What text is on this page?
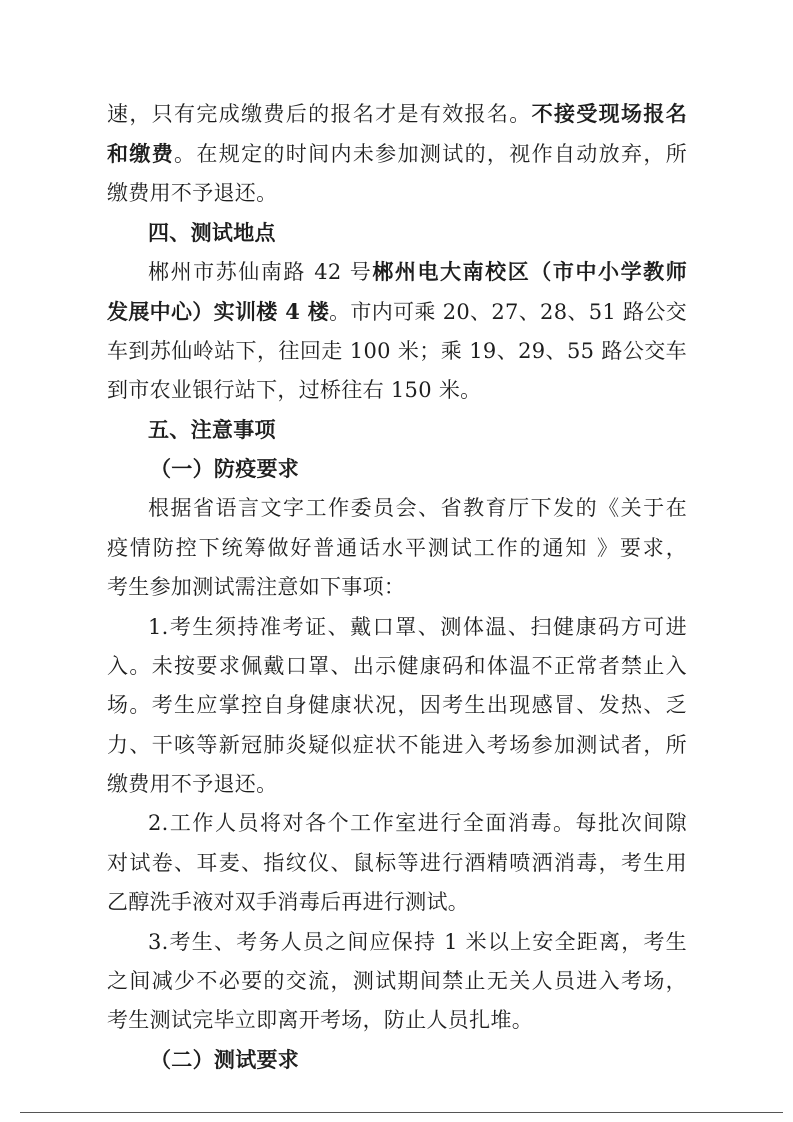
速，只有完成缴费后的报名才是有效报名。不接受现场报名
和缴费。在规定的时间内未参加测试的，视作自动放弃，所
缴费用不予退还。
四、测试地点
郴州市苏仙南路 42 号郴州电大南校区（市中小学教师
发展中心）实训楼 4 楼。市内可乘 20、27、28、51 路公交
车到苏仙岭站下，往回走 100 米；乘 19、29、55 路公交车
到市农业银行站下，过桥往右 150 米。
五、注意事项
（一）防疫要求
根据省语言文字工作委员会、省教育厅下发的《关于在
疫情防控下统筹做好普通话水平测试工作的通知 》要求，
考生参加测试需注意如下事项：
1.考生须持准考证、戴口罩、测体温、扫健康码方可进
入。未按要求佩戴口罩、出示健康码和体温不正常者禁止入
场。考生应掌控自身健康状况，因考生出现感冒、发热、乏
力、干咳等新冠肺炎疑似症状不能进入考场参加测试者，所
缴费用不予退还。
2.工作人员将对各个工作室进行全面消毒。每批次间隙
对试卷、耳麦、指纹仪、鼠标等进行酒精喷洒消毒，考生用
乙醇洗手液对双手消毒后再进行测试。
3.考生、考务人员之间应保持 1 米以上安全距离，考生
之间减少不必要的交流，测试期间禁止无关人员进入考场，
考生测试完毕立即离开考场，防止人员扎堆。
（二）测试要求
